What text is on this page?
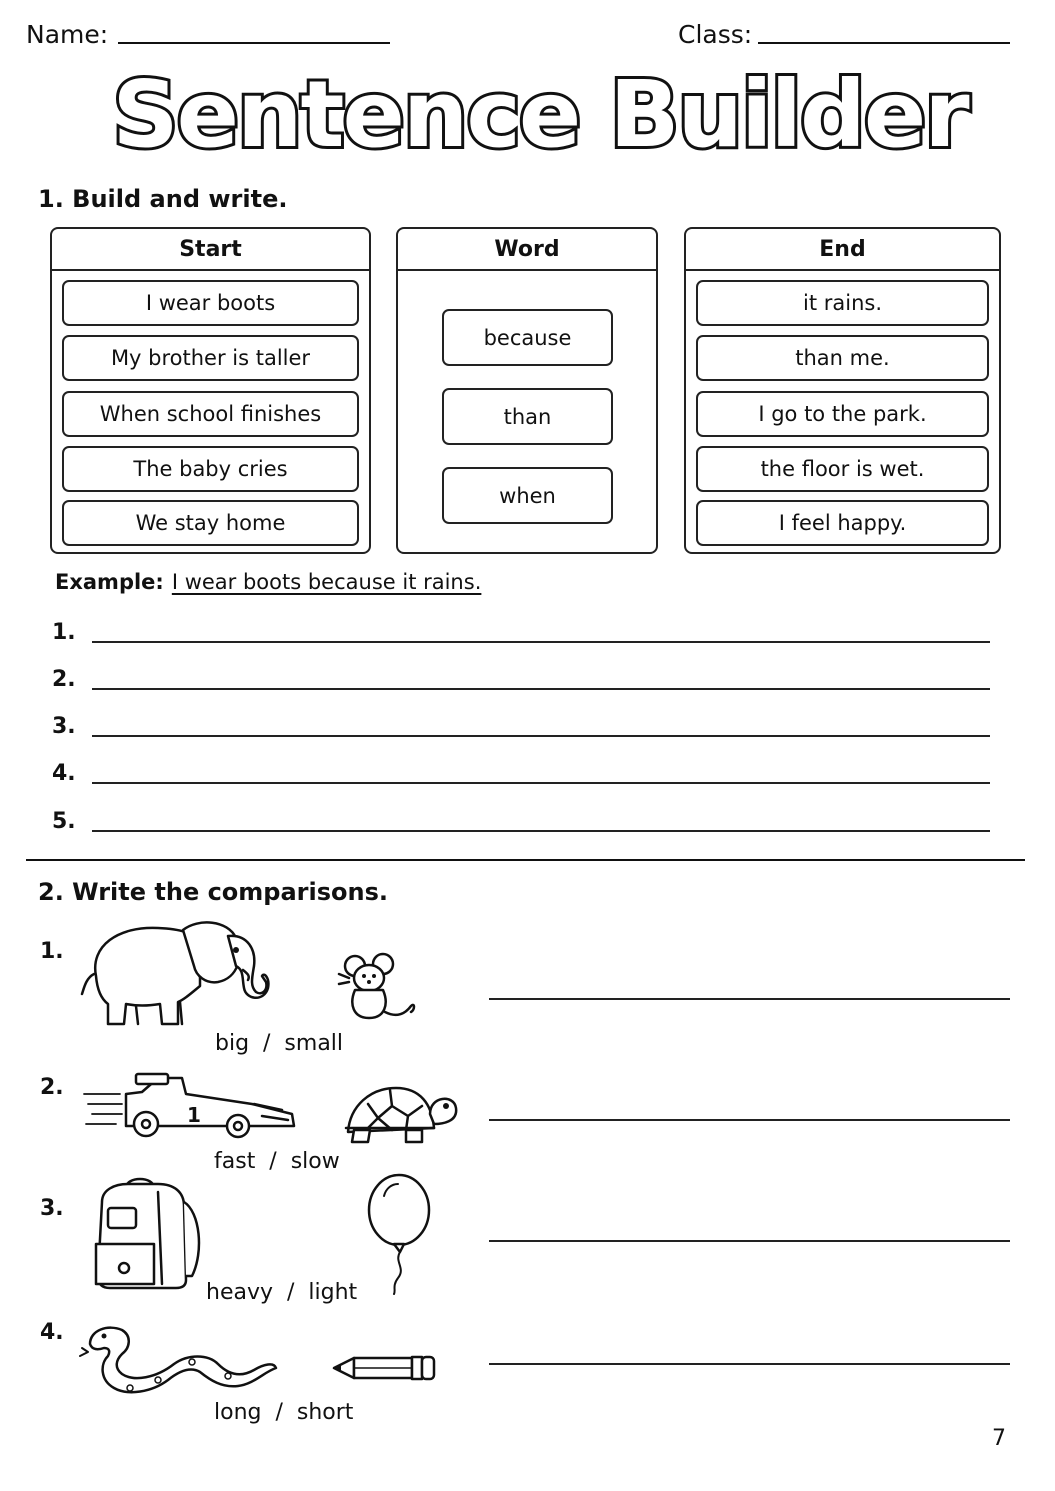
Name:	Class:
Sentence Builder
1. Build and write.
Start
I wear boots
My brother is taller
When school finishes
The baby cries
We stay home
Word
because
than
when
End
it rains.
than me.
I go to the park.
the floor is wet.
I feel happy.
Example: I wear boots because it rains.
1.
2.
3.
4.
5.
2. Write the comparisons.
1.
big  /  small
2.
1
fast  /  slow
3.
heavy  /  light
4.
long  /  short
7
